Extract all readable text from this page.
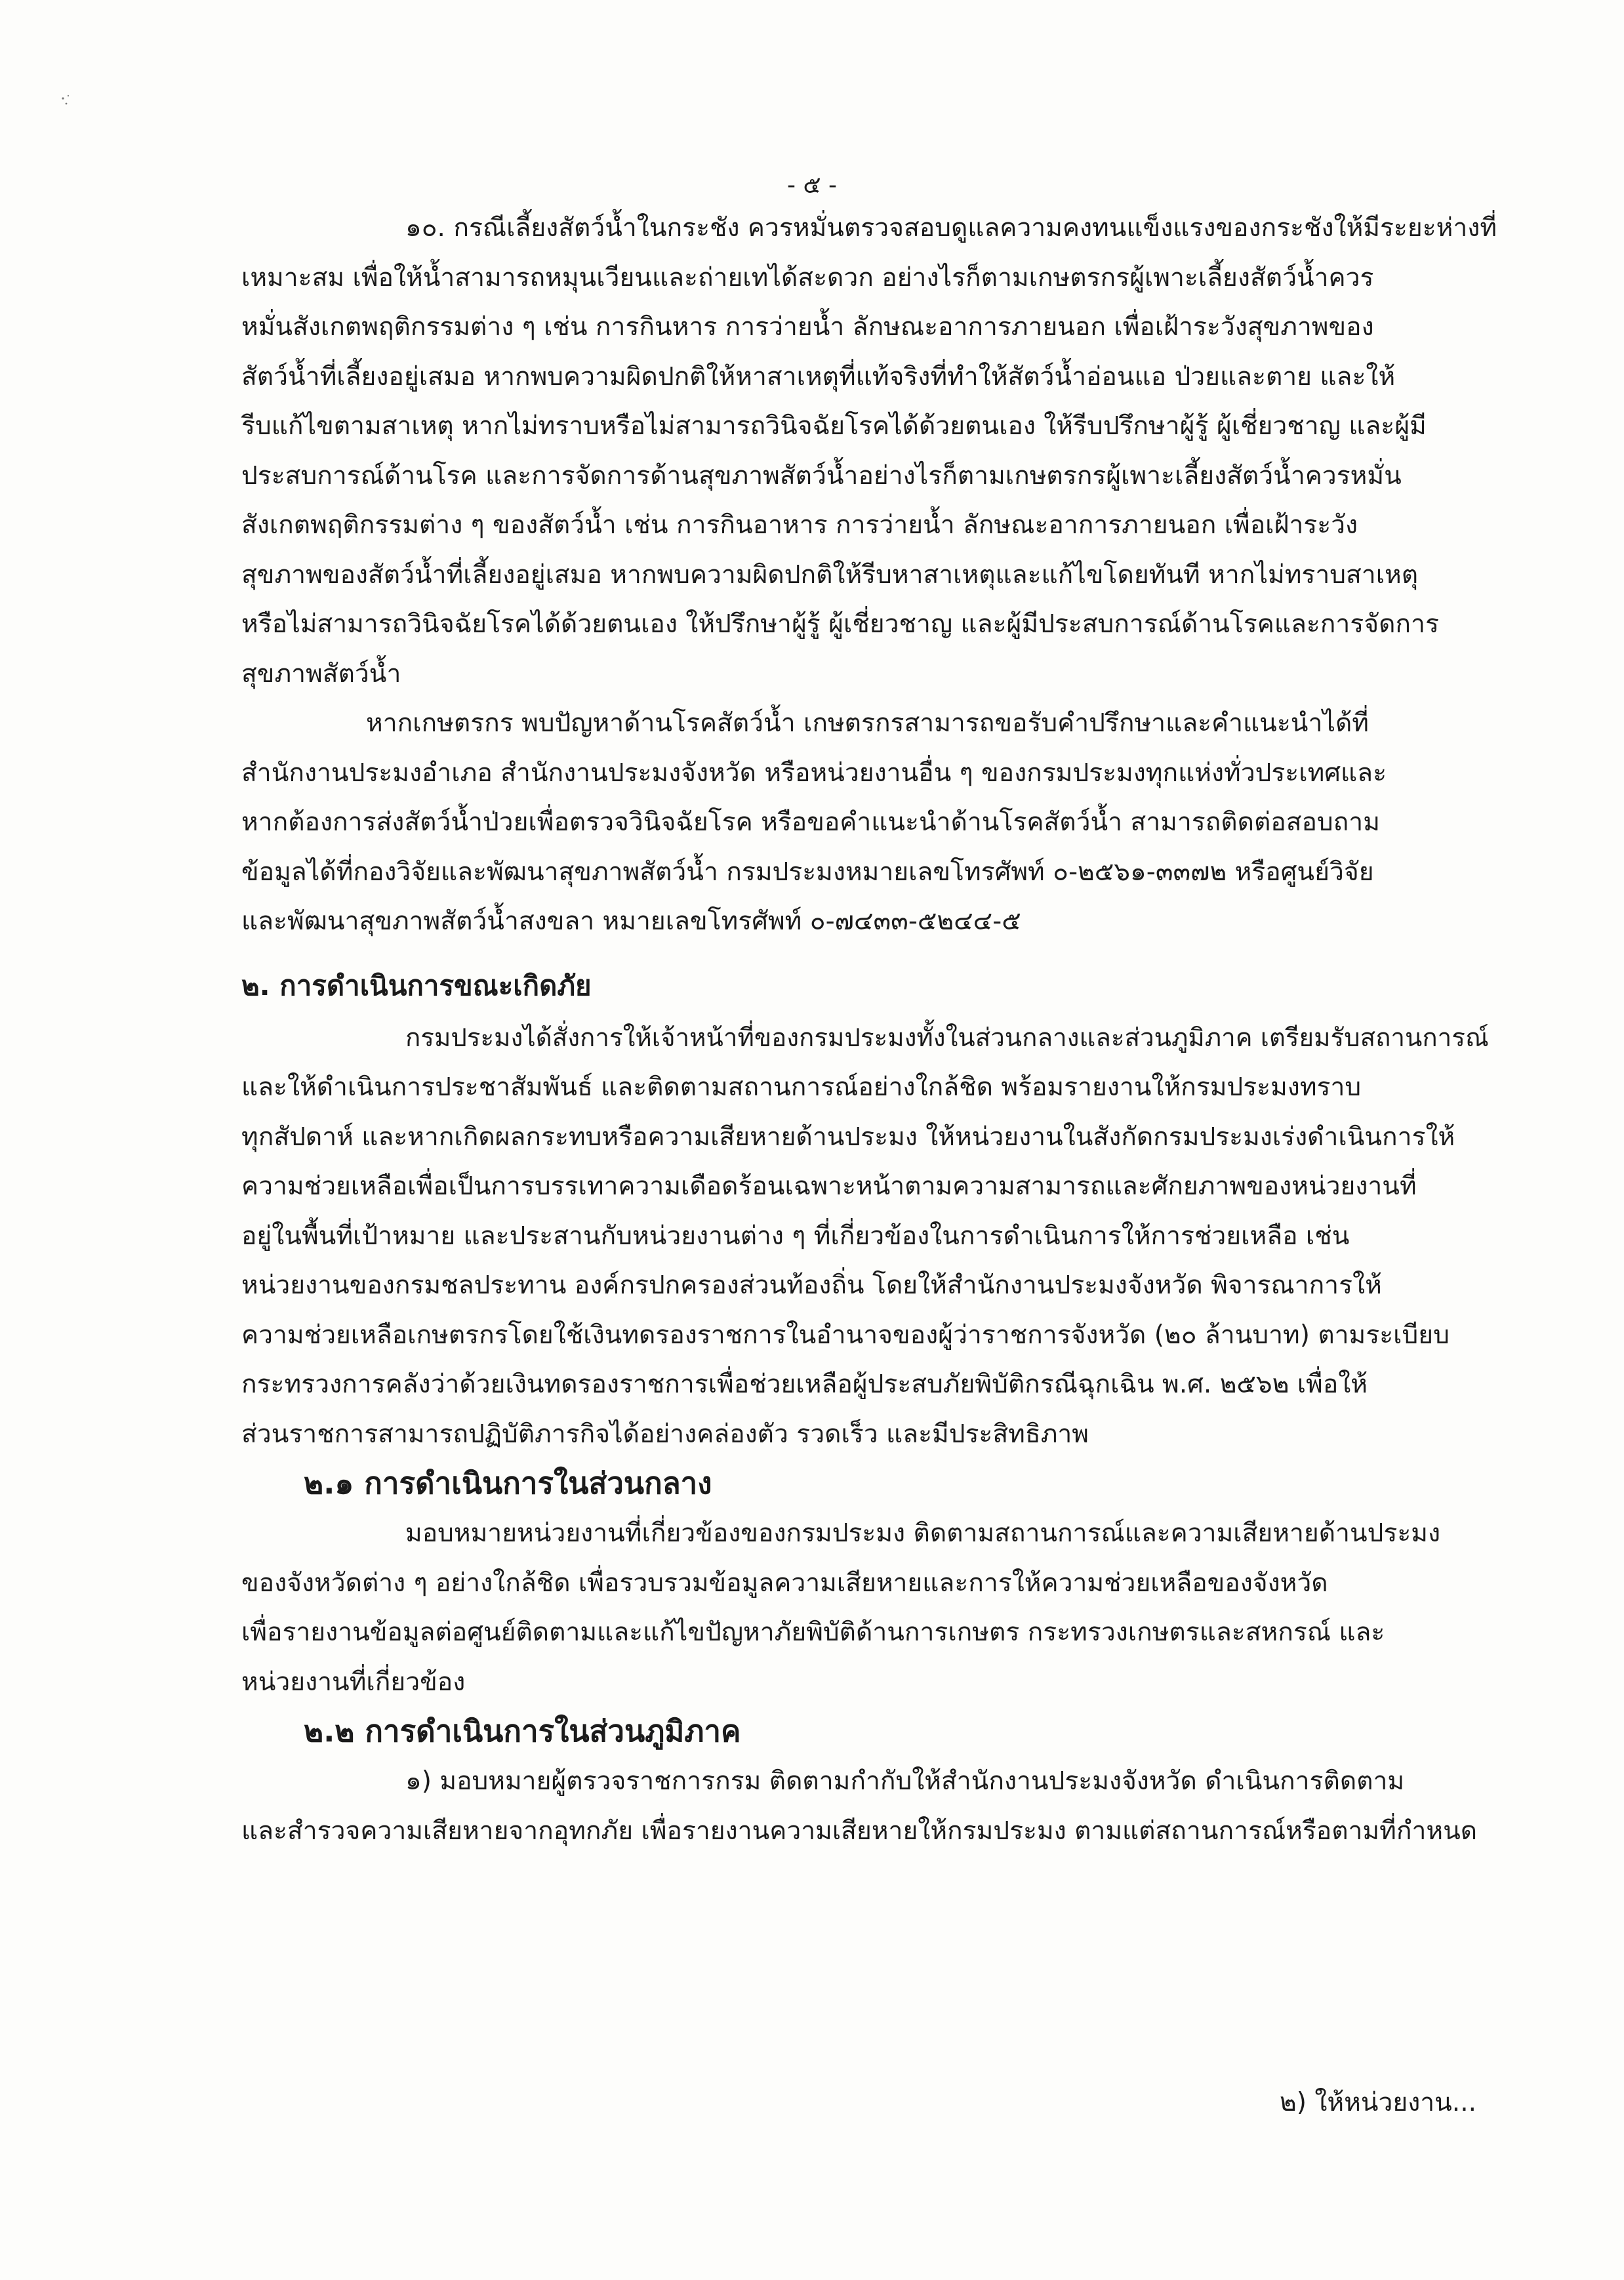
- ๕ -

๑๐. กรณีเลี้ยงสัตว์น้ำในกระชัง ควรหมั่นตรวจสอบดูแลความคงทนแข็งแรงของกระชังให้มีระยะห่างที่
เหมาะสม เพื่อให้น้ำสามารถหมุนเวียนและถ่ายเทได้สะดวก อย่างไรก็ตามเกษตรกรผู้เพาะเลี้ยงสัตว์น้ำควร
หมั่นสังเกตพฤติกรรมต่าง ๆ เช่น การกินหาร การว่ายน้ำ ลักษณะอาการภายนอก เพื่อเฝ้าระวังสุขภาพของ
สัตว์น้ำที่เลี้ยงอยู่เสมอ หากพบความผิดปกติให้หาสาเหตุที่แท้จริงที่ทำให้สัตว์น้ำอ่อนแอ ป่วยและตาย และให้
รีบแก้ไขตามสาเหตุ หากไม่ทราบหรือไม่สามารถวินิจฉัยโรคได้ด้วยตนเอง ให้รีบปรึกษาผู้รู้ ผู้เชี่ยวชาญ และผู้มี
ประสบการณ์ด้านโรค และการจัดการด้านสุขภาพสัตว์น้ำอย่างไรก็ตามเกษตรกรผู้เพาะเลี้ยงสัตว์น้ำควรหมั่น
สังเกตพฤติกรรมต่าง ๆ ของสัตว์น้ำ เช่น การกินอาหาร การว่ายน้ำ ลักษณะอาการภายนอก เพื่อเฝ้าระวัง
สุขภาพของสัตว์น้ำที่เลี้ยงอยู่เสมอ หากพบความผิดปกติให้รีบหาสาเหตุและแก้ไขโดยทันที หากไม่ทราบสาเหตุ
หรือไม่สามารถวินิจฉัยโรคได้ด้วยตนเอง ให้ปรึกษาผู้รู้ ผู้เชี่ยวชาญ และผู้มีประสบการณ์ด้านโรคและการจัดการ
สุขภาพสัตว์น้ำ

หากเกษตรกร พบปัญหาด้านโรคสัตว์น้ำ เกษตรกรสามารถขอรับคำปรึกษาและคำแนะนำได้ที่
สำนักงานประมงอำเภอ สำนักงานประมงจังหวัด หรือหน่วยงานอื่น ๆ ของกรมประมงทุกแห่งทั่วประเทศและ
หากต้องการส่งสัตว์น้ำป่วยเพื่อตรวจวินิจฉัยโรค หรือขอคำแนะนำด้านโรคสัตว์น้ำ สามารถติดต่อสอบถาม
ข้อมูลได้ที่กองวิจัยและพัฒนาสุขภาพสัตว์น้ำ กรมประมงหมายเลขโทรศัพท์ ๐-๒๕๖๑-๓๓๗๒ หรือศูนย์วิจัย
และพัฒนาสุขภาพสัตว์น้ำสงขลา หมายเลขโทรศัพท์ ๐-๗๔๓๓-๕๒๔๔-๕

๒. การดำเนินการขณะเกิดภัย

กรมประมงได้สั่งการให้เจ้าหน้าที่ของกรมประมงทั้งในส่วนกลางและส่วนภูมิภาค เตรียมรับสถานการณ์
และให้ดำเนินการประชาสัมพันธ์ และติดตามสถานการณ์อย่างใกล้ชิด พร้อมรายงานให้กรมประมงทราบ
ทุกสัปดาห์ และหากเกิดผลกระทบหรือความเสียหายด้านประมง ให้หน่วยงานในสังกัดกรมประมงเร่งดำเนินการให้
ความช่วยเหลือเพื่อเป็นการบรรเทาความเดือดร้อนเฉพาะหน้าตามความสามารถและศักยภาพของหน่วยงานที่
อยู่ในพื้นที่เป้าหมาย และประสานกับหน่วยงานต่าง ๆ ที่เกี่ยวข้องในการดำเนินการให้การช่วยเหลือ เช่น
หน่วยงานของกรมชลประทาน องค์กรปกครองส่วนท้องถิ่น โดยให้สำนักงานประมงจังหวัด พิจารณาการให้
ความช่วยเหลือเกษตรกรโดยใช้เงินทดรองราชการในอำนาจของผู้ว่าราชการจังหวัด (๒๐ ล้านบาท) ตามระเบียบ
กระทรวงการคลังว่าด้วยเงินทดรองราชการเพื่อช่วยเหลือผู้ประสบภัยพิบัติกรณีฉุกเฉิน พ.ศ. ๒๕๖๒ เพื่อให้
ส่วนราชการสามารถปฏิบัติภารกิจได้อย่างคล่องตัว รวดเร็ว และมีประสิทธิภาพ

๒.๑ การดำเนินการในส่วนกลาง

มอบหมายหน่วยงานที่เกี่ยวข้องของกรมประมง ติดตามสถานการณ์และความเสียหายด้านประมง
ของจังหวัดต่าง ๆ อย่างใกล้ชิด เพื่อรวบรวมข้อมูลความเสียหายและการให้ความช่วยเหลือของจังหวัด
เพื่อรายงานข้อมูลต่อศูนย์ติดตามและแก้ไขปัญหาภัยพิบัติด้านการเกษตร กระทรวงเกษตรและสหกรณ์ และ
หน่วยงานที่เกี่ยวข้อง

๒.๒ การดำเนินการในส่วนภูมิภาค

๑) มอบหมายผู้ตรวจราชการกรม ติดตามกำกับให้สำนักงานประมงจังหวัด ดำเนินการติดตาม
และสำรวจความเสียหายจากอุทกภัย เพื่อรายงานความเสียหายให้กรมประมง ตามแต่สถานการณ์หรือตามที่กำหนด

๒) ให้หน่วยงาน...
